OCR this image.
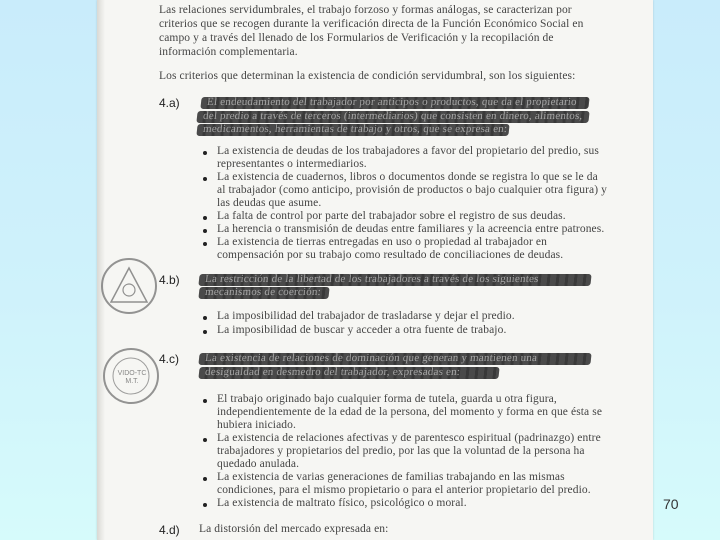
Las relaciones servidumbrales, el trabajo forzoso y formas análogas, se caracterizan por
criterios que se recogen durante la verificación directa de la Función Económico Social en
campo y a través del llenado de los Formularios de Verificación y la recopilación de
información complementaria.
Los criterios que determinan la existencia de condición servidumbral, son los siguientes:
4.a) El endeudamiento del trabajador por anticipos o productos, que da el propietario
del predio a través de terceros (intermediarios) que consisten en dinero, alimentos,
medicamentos, herramientas de trabajo y otros, que se expresa en:
La existencia de deudas de los trabajadores a favor del propietario del predio, sus
representantes o intermediarios.
La existencia de cuadernos, libros o documentos donde se registra lo que se le da
al trabajador (como anticipo, provisión de productos o bajo cualquier otra figura) y
las deudas que asume.
La falta de control por parte del trabajador sobre el registro de sus deudas.
La herencia o transmisión de deudas entre familiares y la acreencia entre patrones.
La existencia de tierras entregadas en uso o propiedad al trabajador en
compensación por su trabajo como resultado de conciliaciones de deudas.
4.b) La restricción de la libertad de los trabajadores a través de los siguientes
mecanismos de coerción:
La imposibilidad del trabajador de trasladarse y dejar el predio.
La imposibilidad de buscar y acceder a otra fuente de trabajo.
VIDO-TC M.T.
4.c) La existencia de relaciones de dominación que generan y mantienen una
desigualdad en desmedro del trabajador, expresadas en:
El trabajo originado bajo cualquier forma de tutela, guarda u otra figura,
independientemente de la edad de la persona, del momento y forma en que ésta se
hubiera iniciado.
La existencia de relaciones afectivas y de parentesco espiritual (padrinazgo) entre
trabajadores y propietarios del predio, por las que la voluntad de la persona ha
quedado anulada.
La existencia de varias generaciones de familias trabajando en las mismas
condiciones, para el mismo propietario o para el anterior propietario del predio.
La existencia de maltrato físico, psicológico o moral.
4.d) La distorsión del mercado expresada en:
70
